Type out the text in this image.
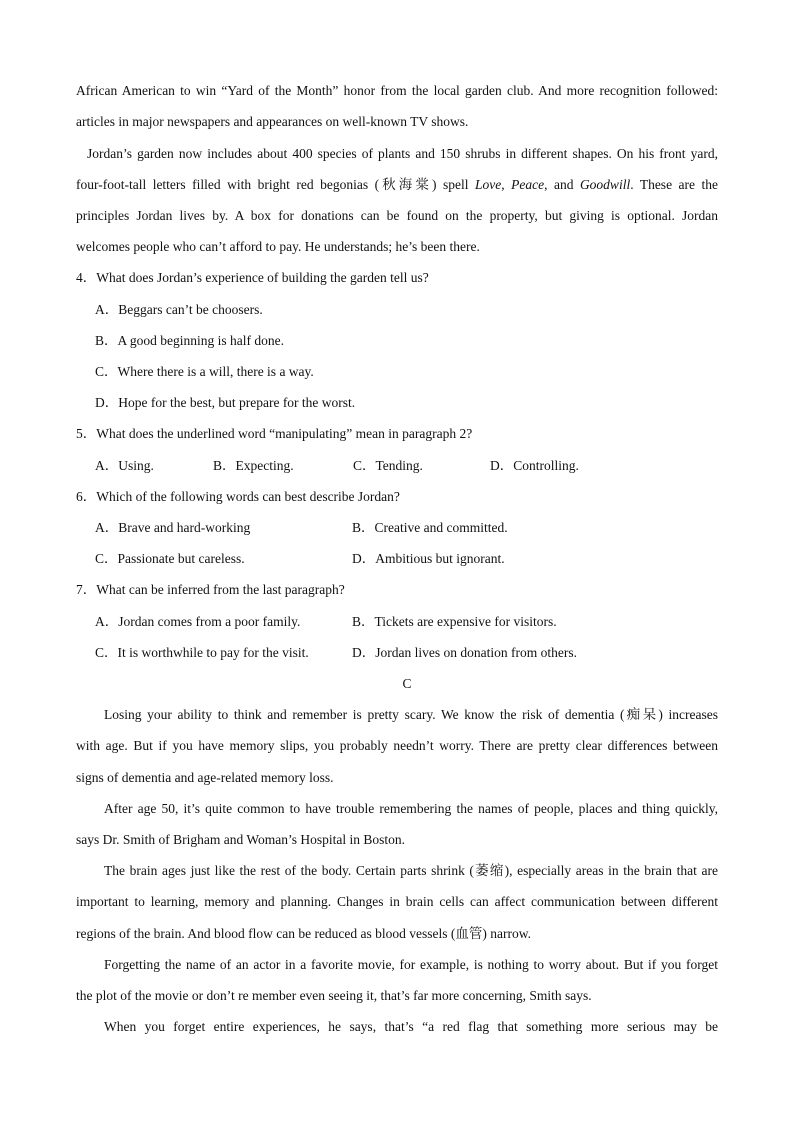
African American to win “Yard of the Month” honor from the local garden club. And more recognition followed:
articles in major newspapers and appearances on well-known TV shows.
Jordan’s garden now includes about 400 species of plants and 150 shrubs in different shapes. On his front yard,
four-foot-tall letters filled with bright red begonias (秋海棠) spell Love, Peace, and Goodwill. These are the
principles Jordan lives by. A box for donations can be found on the property, but giving is optional. Jordan
welcomes people who can’t afford to pay. He understands; he’s been there.
4．What does Jordan’s experience of building the garden tell us?
A．Beggars can’t be choosers.
B．A good beginning is half done.
C．Where there is a will, there is a way.
D．Hope for the best, but prepare for the worst.
5．What does the underlined word “manipulating” mean in paragraph 2?
A．Using.	B．Expecting.	C．Tending.	D．Controlling.
6．Which of the following words can best describe Jordan?
A．Brave and hard-working	B．Creative and committed.
C．Passionate but careless.	D．Ambitious but ignorant.
7．What can be inferred from the last paragraph?
A．Jordan comes from a poor family.	B．Tickets are expensive for visitors.
C．It is worthwhile to pay for the visit.	D．Jordan lives on donation from others.
C
Losing your ability to think and remember is pretty scary. We know the risk of dementia (痴呆) increases
with age. But if you have memory slips, you probably needn’t worry. There are pretty clear differences between
signs of dementia and age-related memory loss.
After age 50, it’s quite common to have trouble remembering the names of people, places and thing quickly,
says Dr. Smith of Brigham and Woman’s Hospital in Boston.
The brain ages just like the rest of the body. Certain parts shrink (萎缩), especially areas in the brain that are
important to learning, memory and planning. Changes in brain cells can affect communication between different
regions of the brain. And blood flow can be reduced as blood vessels (血管) narrow.
Forgetting the name of an actor in a favorite movie, for example, is nothing to worry about. But if you forget
the plot of the movie or don’t re member even seeing it, that’s far more concerning, Smith says.
When you forget entire experiences, he says, that’s “a red flag that something more serious may be
